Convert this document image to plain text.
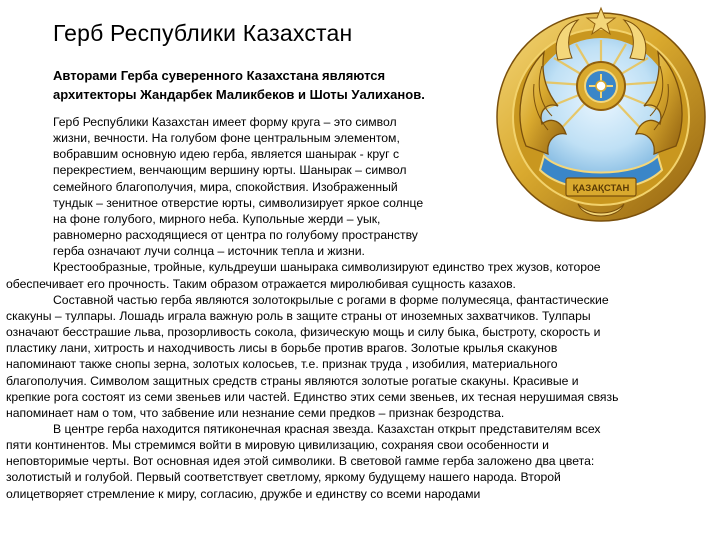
Герб Республики Казахстан
Авторами Герба суверенного Казахстана являются
архитекторы Жандарбек Маликбеков и Шоты Уалиханов.
ҚАЗАҚСТАН
Герб Республики Казахстан имеет форму круга – это символ
жизни, вечности. На голубом фоне центральным элементом,
вобравшим основную идею герба, является шанырак - круг с
перекрестием, венчающим вершину юрты. Шанырак – символ
семейного благополучия, мира, спокойствия. Изображенный
тундык – зенитное отверстие юрты, символизирует яркое солнце
на фоне голубого, мирного неба. Купольные жерди – уык,
равномерно расходящиеся от центра по голубому пространству
герба означают лучи солнца – источник тепла и жизни.
Крестообразные, тройные, кульдреуши шанырака символизируют единство трех жузов, которое
обеспечивает его прочность. Таким образом отражается миролюбивая сущность казахов.
Составной частью герба являются золотокрылые с рогами в форме полумесяца, фантастические
скакуны – тулпары. Лошадь играла важную роль в защите страны от иноземных захватчиков. Тулпары
означают бесстрашие льва, прозорливость сокола, физическую мощь и силу быка, быстроту, скорость и
пластику лани, хитрость и находчивость лисы в борьбе против врагов. Золотые крылья скакунов
напоминают также снопы зерна, золотых колосьев, т.е. признак труда , изобилия, материального
благополучия. Символом защитных средств страны являются золотые рогатые скакуны. Красивые и
крепкие рога состоят из семи звеньев или частей. Единство этих семи звеньев, их тесная нерушимая связь
напоминает нам о том, что забвение или незнание семи предков – признак безродства.
В центре герба находится пятиконечная красная звезда. Казахстан открыт представителям всех
пяти континентов. Мы стремимся войти в мировую цивилизацию, сохраняя свои особенности и
неповторимые черты. Вот основная идея этой символики. В световой гамме герба заложено два цвета:
золотистый и голубой. Первый соответствует светлому, яркому будущему нашего народа. Второй
олицетворяет стремление к миру, согласию, дружбе и единству со всеми народами
